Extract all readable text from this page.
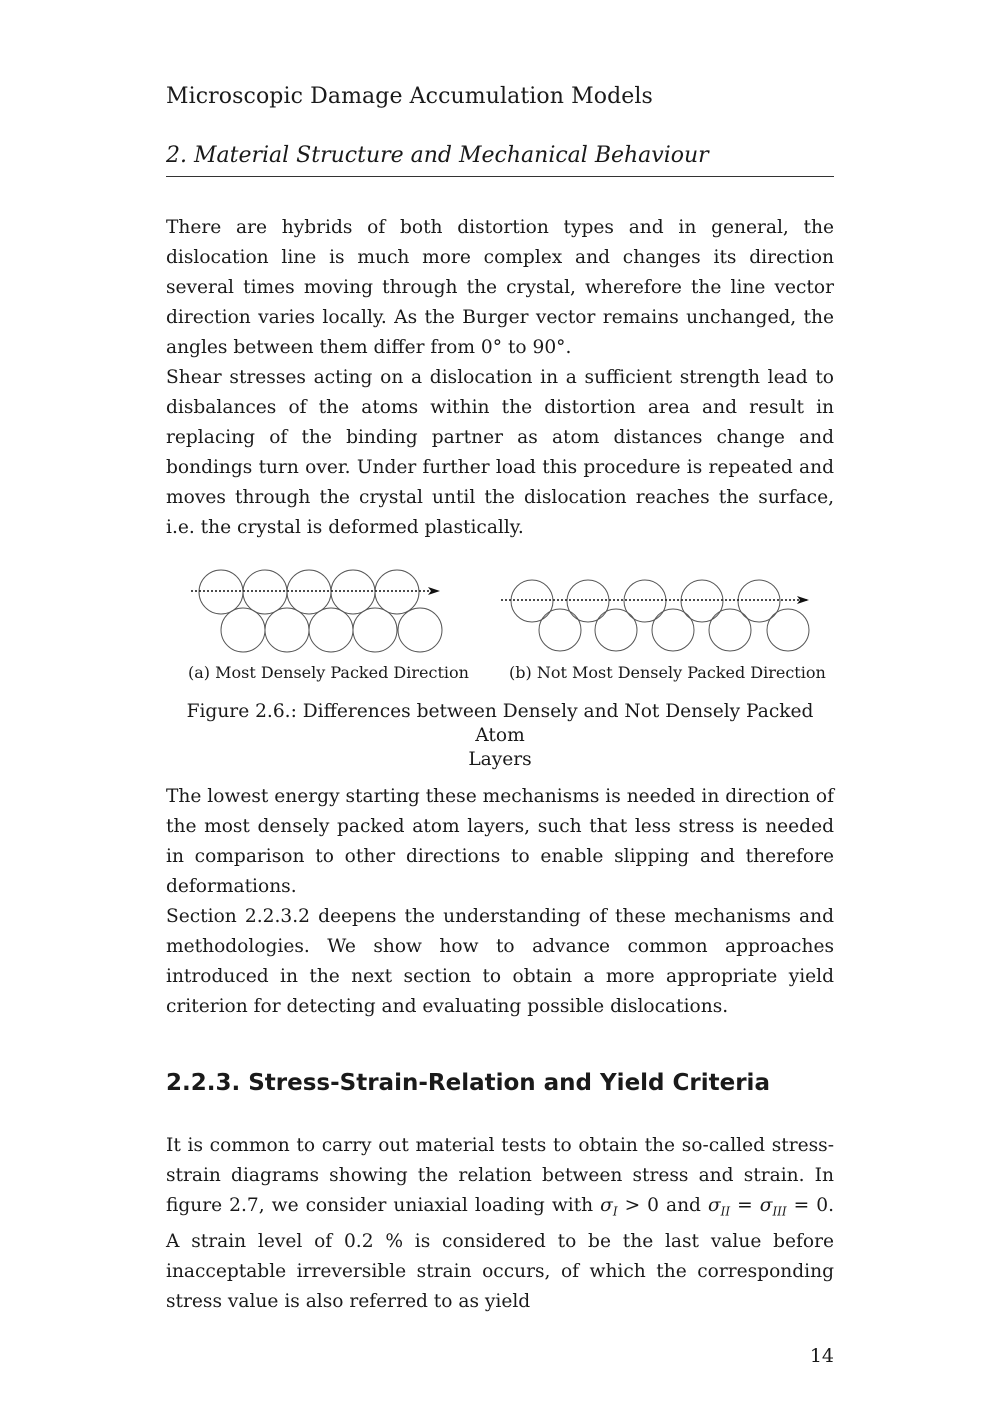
Microscopic Damage Accumulation Models
2. Material Structure and Mechanical Behaviour

There are hybrids of both distortion types and in general, the dislocation line is much more complex and changes its direction several times moving through the crystal, wherefore the line vector direction varies locally. As the Burger vector remains unchanged, the angles between them differ from 0° to 90°.

Shear stresses acting on a dislocation in a sufficient strength lead to disbalances of the atoms within the distortion area and result in replacing of the binding partner as atom distances change and bondings turn over. Under further load this procedure is repeated and moves through the crystal until the dislocation reaches the surface, i.e. the crystal is deformed plastically.

(a) Most Densely Packed Direction	(b) Not Most Densely Packed Direction
Figure 2.6.: Differences between Densely and Not Densely Packed Atom
Layers

The lowest energy starting these mechanisms is needed in direction of the most densely packed atom layers, such that less stress is needed in comparison to other directions to enable slipping and therefore deformations.

Section 2.2.3.2 deepens the understanding of these mechanisms and methodologies. We show how to advance common approaches introduced in the next section to obtain a more appropriate yield criterion for detecting and evaluating possible dislocations.

2.2.3. Stress-Strain-Relation and Yield Criteria

It is common to carry out material tests to obtain the so-called stress-strain diagrams showing the relation between stress and strain. In figure 2.7, we consider uniaxial loading with $\sigma_I > 0$ and $\sigma_{II} = \sigma_{III} = 0$. A strain level of 0.2 % is considered to be the last value before inacceptable irreversible strain occurs, of which the corresponding stress value is also referred to as yield

14
